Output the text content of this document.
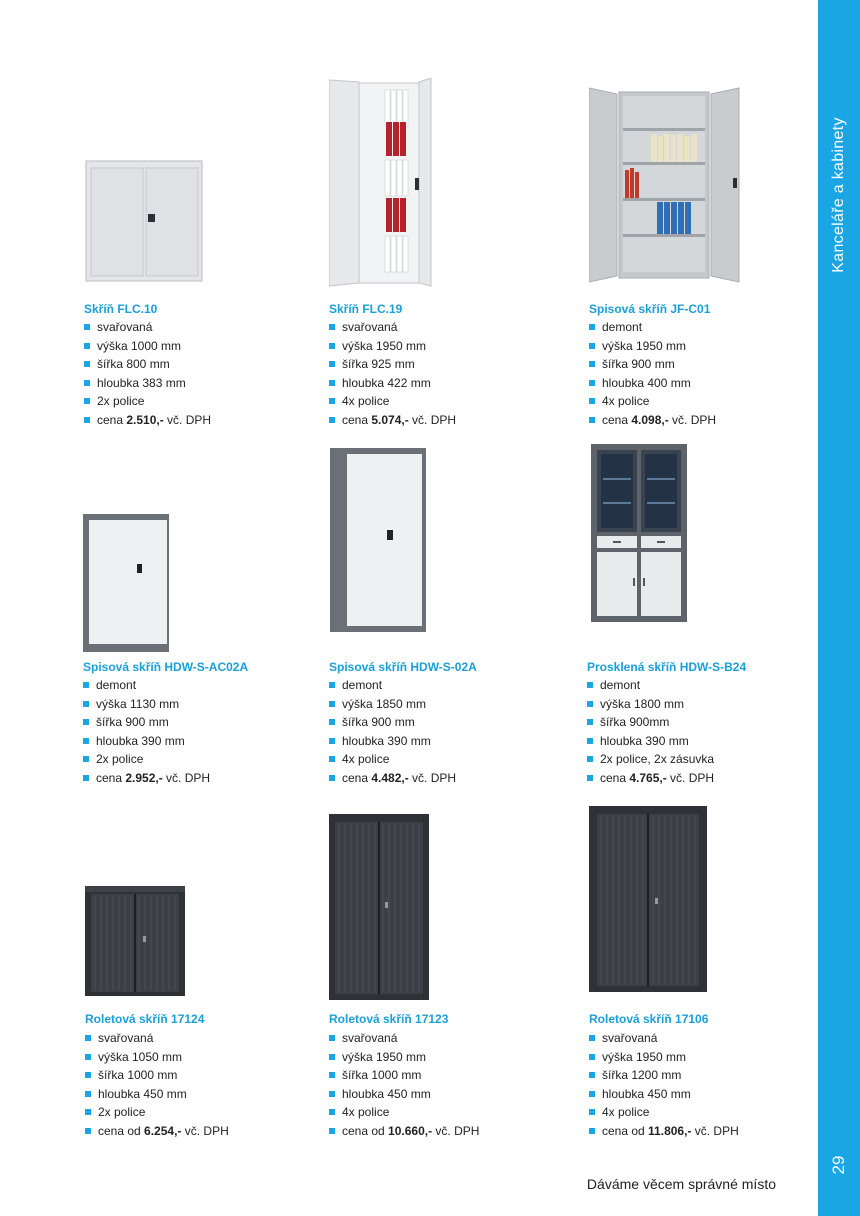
Kanceláře a kabinety
29
Skříň FLC.10
svařovaná
výška 1000 mm
šířka 800 mm
hloubka 383 mm
2x police
cena 2.510,- vč. DPH
Skříň FLC.19
svařovaná
výška 1950 mm
šířka 925 mm
hloubka 422 mm
4x police
cena 5.074,- vč. DPH
Spisová skříň JF-C01
demont
výška 1950 mm
šířka 900 mm
hloubka 400 mm
4x police
cena 4.098,- vč. DPH
Spisová skříň HDW-S-AC02A
demont
výška 1130 mm
šířka 900 mm
hloubka 390 mm
2x police
cena 2.952,- vč. DPH
Spisová skříň HDW-S-02A
demont
výška 1850 mm
šířka 900 mm
hloubka 390 mm
4x police
cena 4.482,- vč. DPH
Prosklená skříň HDW-S-B24
demont
výška 1800 mm
šířka 900mm
hloubka 390 mm
2x police, 2x zásuvka
cena 4.765,- vč. DPH
Roletová skříň 17124
svařovaná
výška 1050 mm
šířka 1000 mm
hloubka 450 mm
2x police
cena od 6.254,- vč. DPH
Roletová skříň 17123
svařovaná
výška 1950 mm
šířka 1000 mm
hloubka 450 mm
4x police
cena od 10.660,- vč. DPH
Roletová skříň 17106
svařovaná
výška 1950 mm
šířka 1200 mm
hloubka 450 mm
4x police
cena od 11.806,- vč. DPH
Dáváme věcem správné místo
